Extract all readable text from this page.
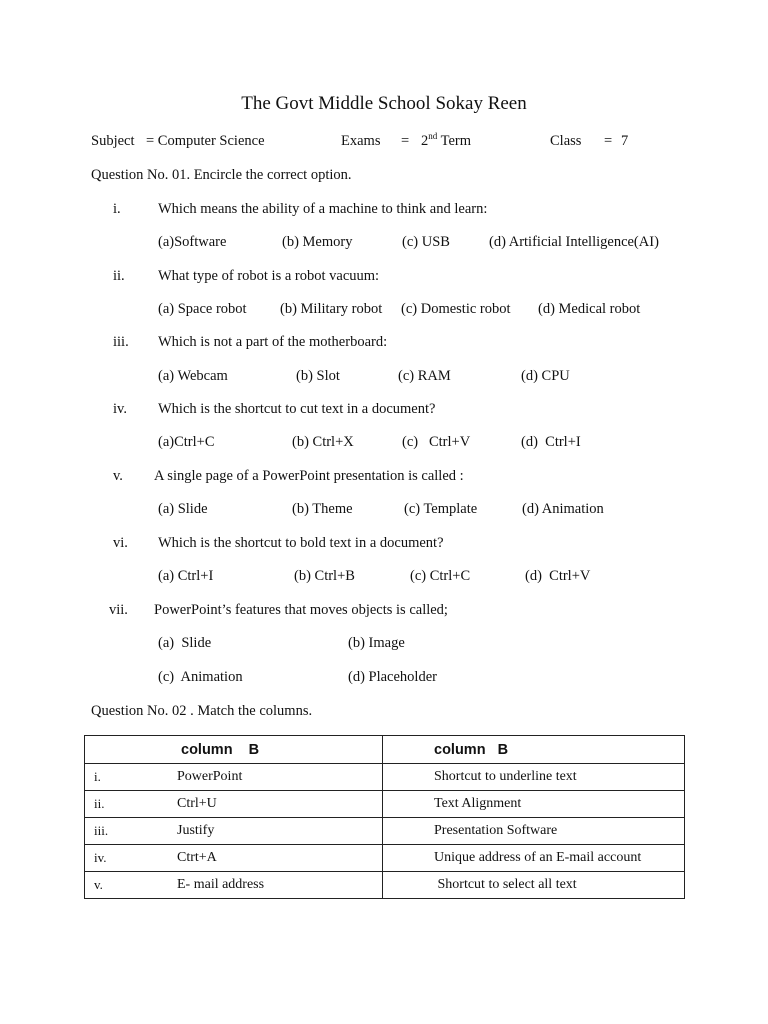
The Govt Middle School Sokay Reen
Subject = Computer Science	Exams = 2nd Term	Class = 7
Question No. 01. Encircle the correct option.
i.	Which means the ability of a machine to think and learn:
(a)Software	(b) Memory	(c) USB	(d) Artificial Intelligence(AI)
ii. What type of robot is a robot vacuum:
(a) Space robot (b) Military robot (c) Domestic robot (d) Medical robot
iii. Which is not a part of the motherboard:
(a) Webcam	(b) Slot	(c) RAM	(d) CPU
iv. Which is the shortcut to cut text in a document?
(a)Ctrl+C	(b) Ctrl+X	(c)   Ctrl+V	(d)  Ctrl+I
v. A single page of a PowerPoint presentation is called :
(a) Slide	(b) Theme	(c) Template	(d) Animation
vi. Which is the shortcut to bold text in a document?
(a) Ctrl+I	(b) Ctrl+B	(c) Ctrl+C	(d)  Ctrl+V
vii. PowerPoint’s features that moves objects is called;
(a)  Slide	(b) Image
(c)  Animation	(d) Placeholder
Question No. 02 . Match the columns.
column    B	column   B

i. PowerPoint	Shortcut to underline text

ii. Ctrl+U	Text Alignment

iii. Justify	Presentation Software

iv. Ctrt+A	Unique address of an E-mail account

v. E- mail address	Shortcut to select all text
